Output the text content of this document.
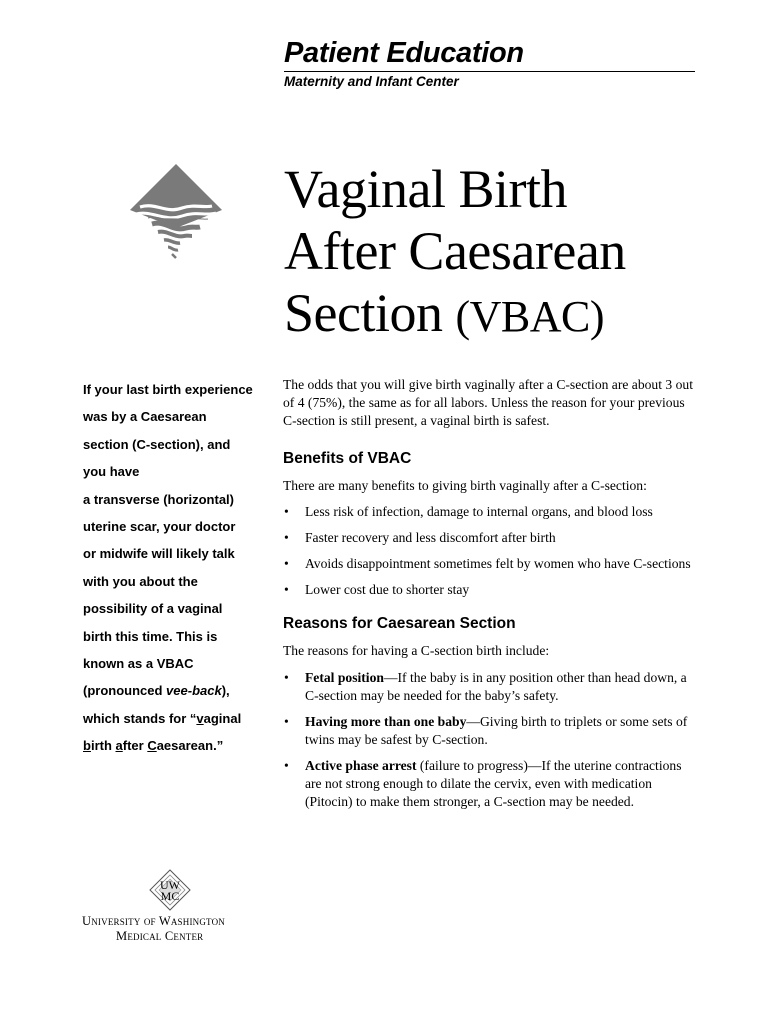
Patient Education
Maternity and Infant Center
Vaginal Birth
After Caesarean
Section (VBAC)
If your last birth experience
was by a Caesarean
section (C-section), and
you have
a transverse (horizontal)
uterine scar, your doctor
or midwife will likely talk
with you about the
possibility of a vaginal
birth this time. This is
known as a VBAC
(pronounced vee-back),
which stands for “vaginal
birth after Caesarean.”

The odds that you will give birth vaginally after a C-section are about 3 out of 4 (75%), the same as for all labors. Unless the reason for your previous C-section is still present, a vaginal birth is safest.

Benefits of VBAC

There are many benefits to giving birth vaginally after a C-section:

• Less risk of infection, damage to internal organs, and blood loss
• Faster recovery and less discomfort after birth
• Avoids disappointment sometimes felt by women who have C-sections
• Lower cost due to shorter stay
Reasons for Caesarean Section

The reasons for having a C-section birth include:

• Fetal position—If the baby is in any position other than head down, a C-section may be needed for the baby’s safety.
• Having more than one baby—Giving birth to triplets or some sets of twins may be safest by C-section.
• Active phase arrest (failure to progress)—If the uterine contractions are not strong enough to dilate the cervix, even with medication (Pitocin) to make them stronger, a C-section may be needed.
UW
MC
University of Washington
Medical Center
